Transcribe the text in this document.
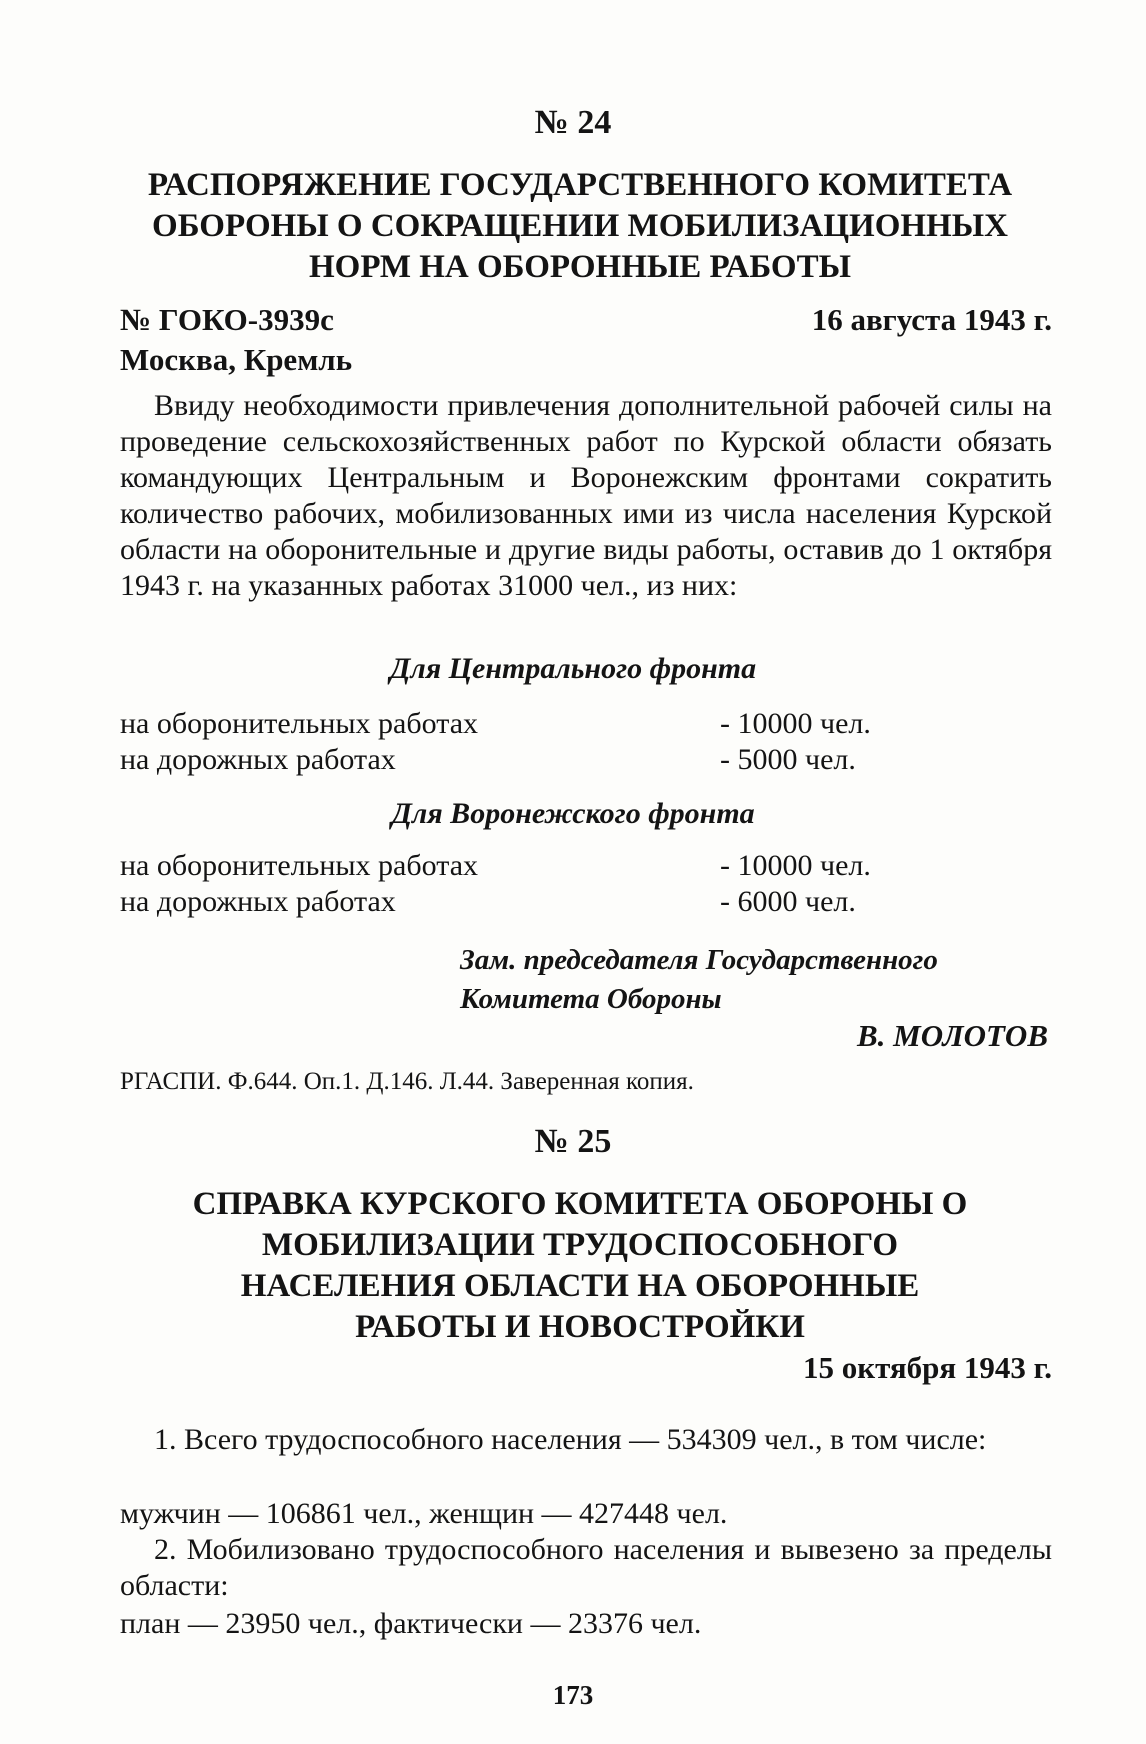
№ 24

РАСПОРЯЖЕНИЕ ГОСУДАРСТВЕННОГО КОМИТЕТА ОБОРОНЫ О СОКРАЩЕНИИ МОБИЛИЗАЦИОННЫХ НОРМ НА ОБОРОННЫЕ РАБОТЫ

№ ГОКО-3939с	16 августа 1943 г.

Москва, Кремль

Ввиду необходимости привлечения дополнительной рабочей силы на проведение сельскохозяйственных работ по Курской области обязать командующих Центральным и Воронежским фронтами сократить количество рабочих, мобилизованных ими из числа населения Курской области на оборонительные и другие виды работы, оставив до 1 октября 1943 г. на указанных работах 31000 чел., из них:

Для Центрального фронта

на оборонительных работах	- 10000 чел.
на дорожных работах	- 5000 чел.

Для Воронежского фронта

на оборонительных работах	- 10000 чел.
на дорожных работах	- 6000 чел.

Зам. председателя Государственного

Комитета Обороны

В. МОЛОТОВ

РГАСПИ. Ф.644. Оп.1. Д.146. Л.44. Заверенная копия.

№ 25

СПРАВКА КУРСКОГО КОМИТЕТА ОБОРОНЫ О МОБИЛИЗАЦИИ ТРУДОСПОСОБНОГО НАСЕЛЕНИЯ ОБЛАСТИ НА ОБОРОННЫЕ РАБОТЫ И НОВОСТРОЙКИ

15 октября 1943 г.

1. Всего трудоспособного населения — 534309 чел., в том числе:

мужчин — 106861 чел., женщин — 427448 чел.

2. Мобилизовано трудоспособного населения и вывезено за пределы области:

план — 23950 чел., фактически — 23376 чел.

173
